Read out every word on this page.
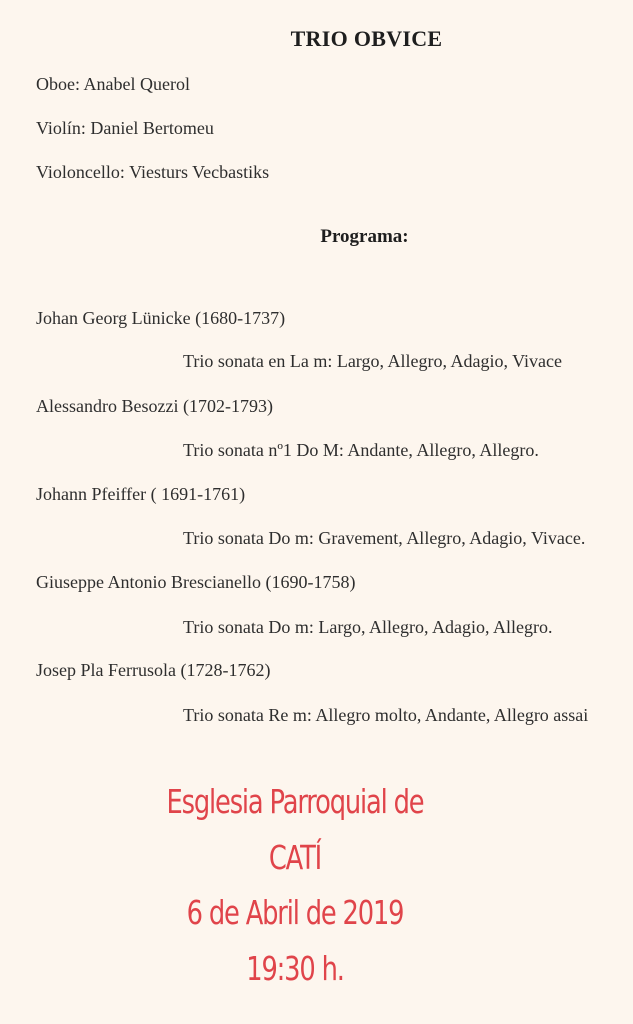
TRIO OBVICE
Oboe: Anabel Querol
Violín: Daniel Bertomeu
Violoncello: Viesturs Vecbastiks
Programa:
Johan Georg Lünicke (1680-1737)
Trio sonata en La m: Largo, Allegro, Adagio, Vivace
Alessandro Besozzi (1702-1793)
Trio sonata nº1 Do M: Andante, Allegro, Allegro.
Johann Pfeiffer ( 1691-1761)
Trio sonata Do m: Gravement, Allegro, Adagio, Vivace.
Giuseppe Antonio Brescianello (1690-1758)
Trio sonata Do m: Largo, Allegro, Adagio, Allegro.
Josep Pla Ferrusola (1728-1762)
Trio sonata Re m: Allegro molto, Andante, Allegro assai
Esglesia Parroquial de
CATÍ
6 de Abril de 2019
19:30 h.
